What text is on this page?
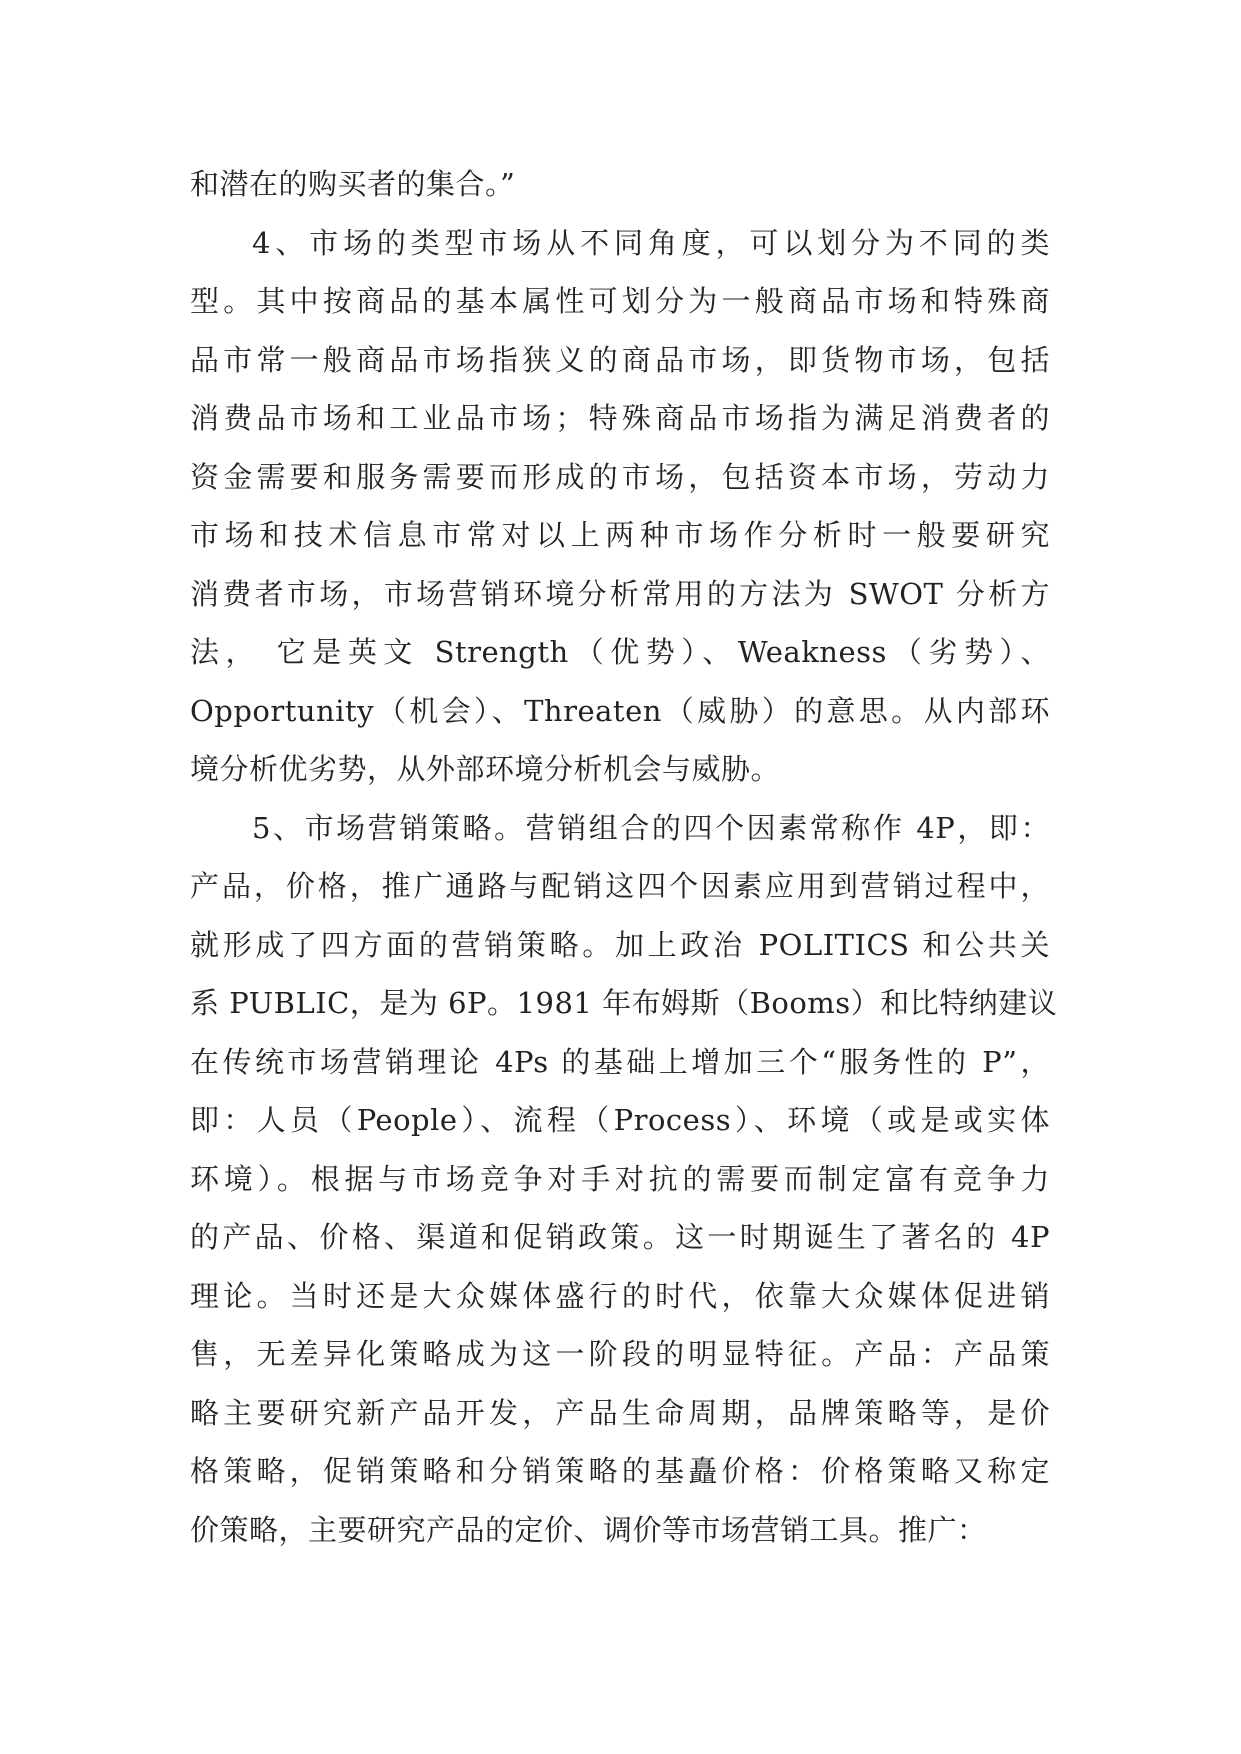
和潜在的购买者的集合。”
4、市场的类型市场从不同角度，可以划分为不同的类
型。其中按商品的基本属性可划分为一般商品市场和特殊商
品市常一般商品市场指狭义的商品市场，即货物市场，包括
消费品市场和工业品市场；特殊商品市场指为满足消费者的
资金需要和服务需要而形成的市场，包括资本市场，劳动力
市场和技术信息市常对以上两种市场作分析时一般要研究
消费者市场，市场营销环境分析常用的方法为 SWOT 分析方
法， 它是英文 Strength（优势）、Weakness（劣势）、
Opportunity（机会）、Threaten（威胁）的意思。从内部环
境分析优劣势，从外部环境分析机会与威胁。
5、市场营销策略。营销组合的四个因素常称作 4P，即：
产品，价格，推广通路与配销这四个因素应用到营销过程中，
就形成了四方面的营销策略。加上政治 POLITICS 和公共关
系 PUBLIC，是为 6P。1981 年布姆斯（Booms）和比特纳建议
在传统市场营销理论 4Ps 的基础上增加三个“服务性的 P”，
即：人员（People）、流程（Process）、环境（或是或实体
环境）。根据与市场竞争对手对抗的需要而制定富有竞争力
的产品、价格、渠道和促销政策。这一时期诞生了著名的 4P
理论。当时还是大众媒体盛行的时代，依靠大众媒体促进销
售，无差异化策略成为这一阶段的明显特征。产品：产品策
略主要研究新产品开发，产品生命周期，品牌策略等，是价
格策略，促销策略和分销策略的基矗价格：价格策略又称定
价策略，主要研究产品的定价、调价等市场营销工具。推广：
